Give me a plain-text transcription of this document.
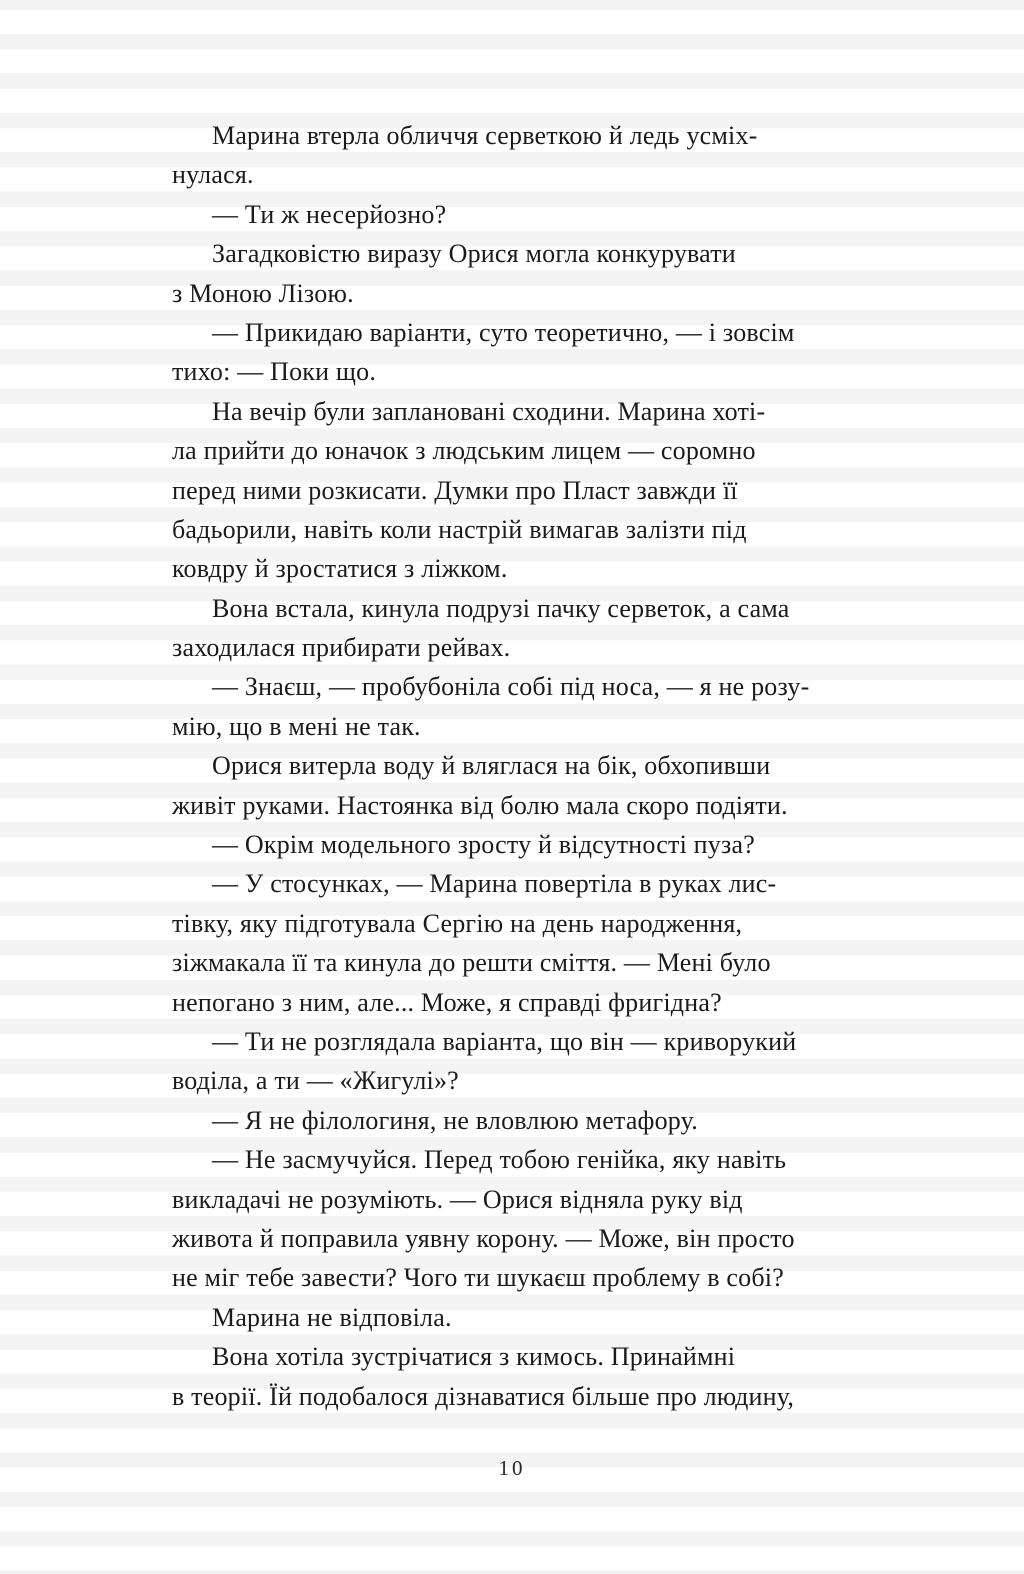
Марина втерла обличчя серветкою й ледь усміх-
нулася.
— Ти ж несерйозно?
Загадковістю виразу Орися могла конкурувати
з Моною Лізою.
— Прикидаю варіанти, суто теоретично, — і зовсім
тихо: — Поки що.
На вечір були заплановані сходини. Марина хоті-
ла прийти до юначок з людським лицем — соромно
перед ними розкисати. Думки про Пласт завжди її
бадьорили, навіть коли настрій вимагав залізти під
ковдру й зростатися з ліжком.
Вона встала, кинула подрузі пачку серветок, а сама
заходилася прибирати рейвах.
— Знаєш, — пробубоніла собі під носа, — я не розу-
мію, що в мені не так.
Орися витерла воду й вляглася на бік, обхопивши
живіт руками. Настоянка від болю мала скоро подіяти.
— Окрім модельного зросту й відсутності пуза?
— У стосунках, — Марина повертіла в руках лис-
тівку, яку підготувала Сергію на день народження,
зіжмакала її та кинула до решти сміття. — Мені було
непогано з ним, але... Може, я справді фригідна?
— Ти не розглядала варіанта, що він — криворукий
воділа, а ти — «Жигулі»?
— Я не філологиня, не вловлюю метафору.
— Не засмучуйся. Перед тобою генійка, яку навіть
викладачі не розуміють. — Орися відняла руку від
живота й поправила уявну корону. — Може, він просто
не міг тебе завести? Чого ти шукаєш проблему в собі?
Марина не відповіла.
Вона хотіла зустрічатися з кимось. Принаймні
в теорії. Їй подобалося дізнаватися більше про людину,
10
